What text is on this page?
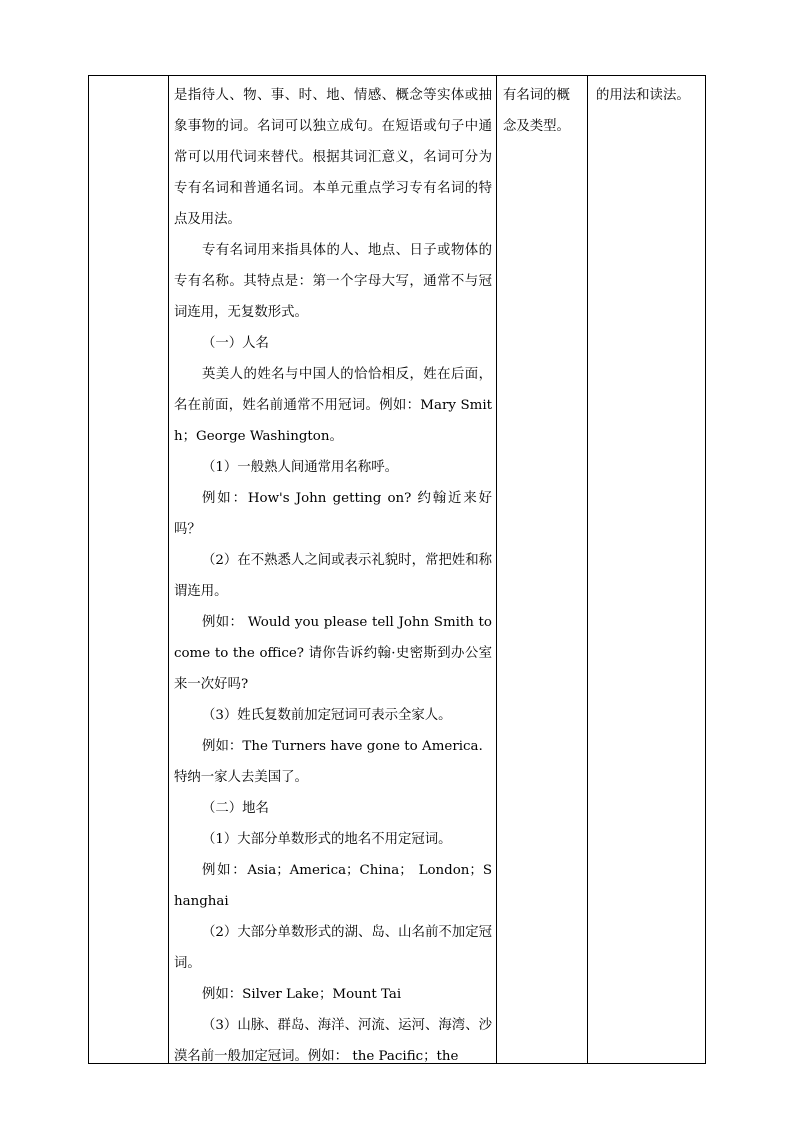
是指待人、物、事、时、地、情感、概念等实体或抽象事物的词。名词可以独立成句。在短语或句子中通常可以用代词来替代。根据其词汇意义，名词可分为专有名词和普通名词。本单元重点学习专有名词的特点及用法。

专有名词用来指具体的人、地点、日子或物体的专有名称。其特点是：第一个字母大写，通常不与冠词连用，无复数形式。

（一）人名

英美人的姓名与中国人的恰恰相反，姓在后面，名在前面，姓名前通常不用冠词。例如：Mary Smith；George Washington。

（1）一般熟人间通常用名称呼。

例如：How's John getting on? 约翰近来好吗？

（2）在不熟悉人之间或表示礼貌时，常把姓和称谓连用。

例如： Would you please tell John Smith to come to the office? 请你告诉约翰·史密斯到办公室来一次好吗?

（3）姓氏复数前加定冠词可表示全家人。

例如：The Turners have gone to America．特纳一家人去美国了。

（二）地名

（1）大部分单数形式的地名不用定冠词。

例如：Asia；America；China； London；Shanghai

（2）大部分单数形式的湖、岛、山名前不加定冠词。

例如：Silver Lake；Mount Tai

（3）山脉、群岛、海洋、河流、运河、海湾、沙漠名前一般加定冠词。例如： the Pacific；the

有名词的概念及类型。
的用法和读法。
